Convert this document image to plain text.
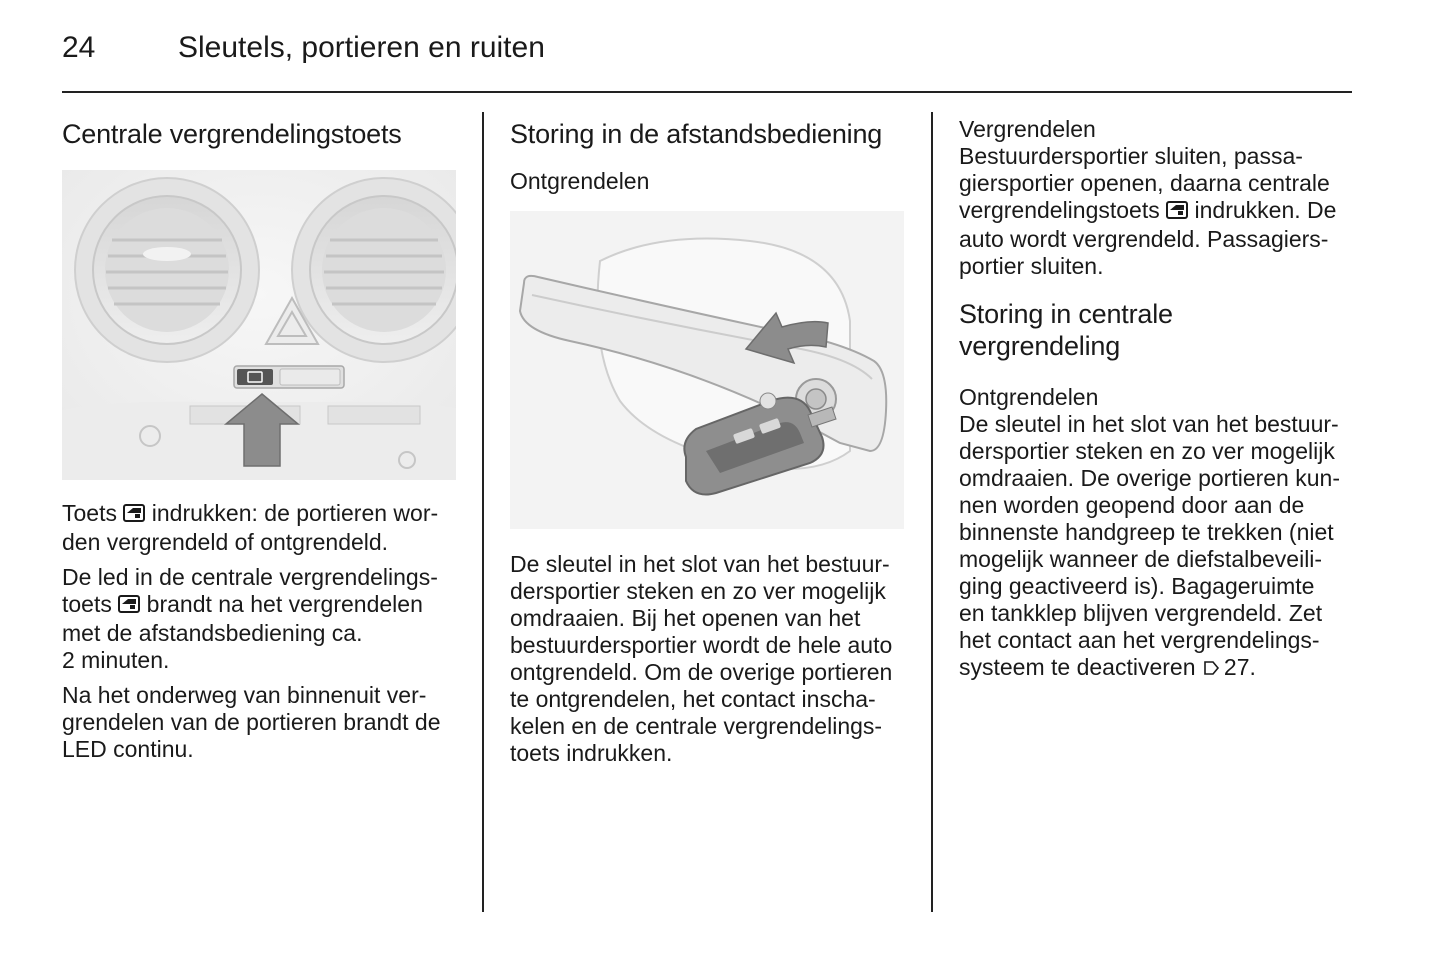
24	Sleutels, portieren en ruiten
Centrale vergrendelingstoets

Toets  indrukken: de portieren wor-
den vergrendeld of ontgrendeld.

De led in de centrale vergrendelings-
toets  brandt na het vergrendelen
met de afstandsbediening ca.
2 minuten.

Na het onderweg van binnenuit ver-
grendelen van de portieren brandt de
LED continu.

Storing in de afstandsbediening
Ontgrendelen

De sleutel in het slot van het bestuur-
dersportier steken en zo ver mogelijk
omdraaien. Bij het openen van het
bestuurdersportier wordt de hele auto
ontgrendeld. Om de overige portieren
te ontgrendelen, het contact inscha-
kelen en de centrale vergrendelings-
toets indrukken.

Vergrendelen

Bestuurdersportier sluiten, passa-
giersportier openen, daarna centrale
vergrendelingstoets  indrukken. De
auto wordt vergrendeld. Passagiers-
portier sluiten.

Storing in centrale
vergrendeling
Ontgrendelen

De sleutel in het slot van het bestuur-
dersportier steken en zo ver mogelijk
omdraaien. De overige portieren kun-
nen worden geopend door aan de
binnenste handgreep te trekken (niet
mogelijk wanneer de diefstalbeveili-
ging geactiveerd is). Bagageruimte
en tankklep blijven vergrendeld. Zet
het contact aan het vergrendelings-
systeem te deactiveren 27.
